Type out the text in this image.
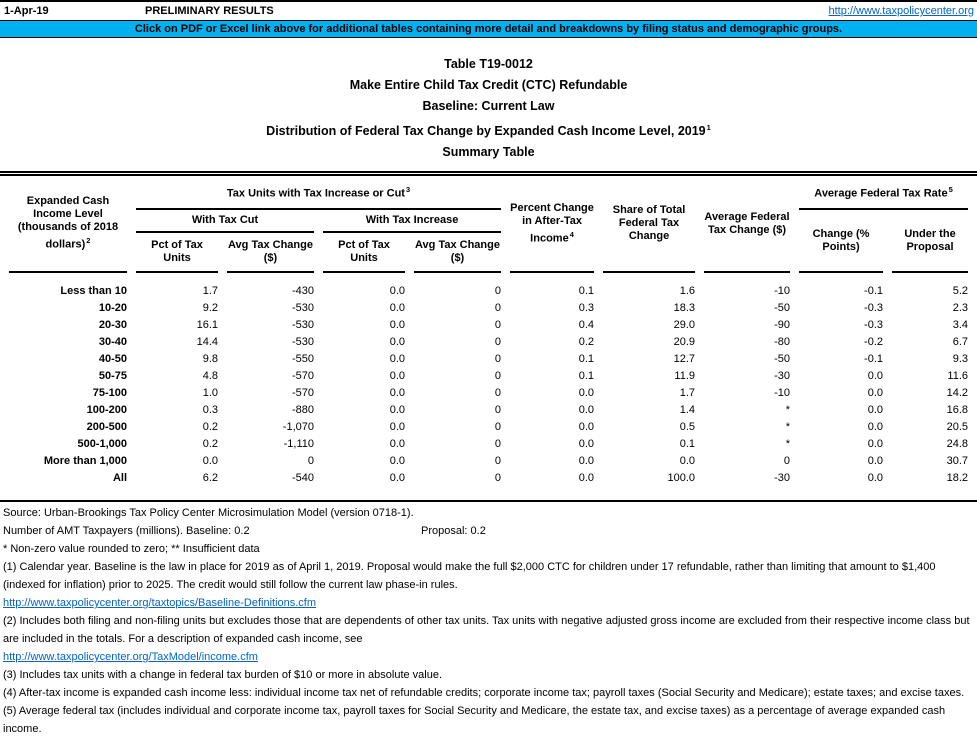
1-Apr-19	PRELIMINARY RESULTS	http://www.taxpolicycenter.org
Click on PDF or Excel link above for additional tables containing more detail and breakdowns by filing status and demographic groups.
Table T19-0012
Make Entire Child Tax Credit (CTC) Refundable
Baseline: Current Law
Distribution of Federal Tax Change by Expanded Cash Income Level, 2019$^1$
Summary Table
Expanded Cash Income Level (thousands of 2018 dollars)$^2$	Tax Units with Tax Increase or Cut$^3$				Percent Change in After-Tax Income$^4$	Share of Total Federal Tax Change	Average Federal Tax Change ($)	Average Federal Tax Rate$^5$
	With Tax Cut		With Tax Increase					Change (% Points)	Under the Proposal
	Pct of Tax Units	Avg Tax Change ($)	Pct of Tax Units	Avg Tax Change ($)					

Less than 10	1.7	-430	0.0	0	0.1	1.6	-10	-0.1	5.2
10-20	9.2	-530	0.0	0	0.3	18.3	-50	-0.3	2.3
20-30	16.1	-530	0.0	0	0.4	29.0	-90	-0.3	3.4
30-40	14.4	-530	0.0	0	0.2	20.9	-80	-0.2	6.7
40-50	9.8	-550	0.0	0	0.1	12.7	-50	-0.1	9.3
50-75	4.8	-570	0.0	0	0.1	11.9	-30	0.0	11.6
75-100	1.0	-570	0.0	0	0.0	1.7	-10	0.0	14.2
100-200	0.3	-880	0.0	0	0.0	1.4	*	0.0	16.8
200-500	0.2	-1,070	0.0	0	0.0	0.5	*	0.0	20.5
500-1,000	0.2	-1,110	0.0	0	0.0	0.1	*	0.0	24.8
More than 1,000	0.0	0	0.0	0	0.0	0.0	0	0.0	30.7
All	6.2	-540	0.0	0	0.0	100.0	-30	0.0	18.2
Source: Urban-Brookings Tax Policy Center Microsimulation Model (version 0718-1).
Number of AMT Taxpayers (millions). Baseline: 0.2	Proposal: 0.2
* Non-zero value rounded to zero; ** Insufficient data
(1) Calendar year. Baseline is the law in place for 2019 as of April 1, 2019. Proposal would make the full $2,000 CTC for children under 17 refundable, rather than limiting that amount to $1,400 (indexed for inflation) prior to 2025. The credit would still follow the current law phase-in rules.
http://www.taxpolicycenter.org/taxtopics/Baseline-Definitions.cfm
(2) Includes both filing and non-filing units but excludes those that are dependents of other tax units. Tax units with negative adjusted gross income are excluded from their respective income class but are included in the totals. For a description of expanded cash income, see
http://www.taxpolicycenter.org/TaxModel/income.cfm
(3) Includes tax units with a change in federal tax burden of $10 or more in absolute value.
(4) After-tax income is expanded cash income less: individual income tax net of refundable credits; corporate income tax; payroll taxes (Social Security and Medicare); estate taxes; and excise taxes.
(5) Average federal tax (includes individual and corporate income tax, payroll taxes for Social Security and Medicare, the estate tax, and excise taxes) as a percentage of average expanded cash income.
